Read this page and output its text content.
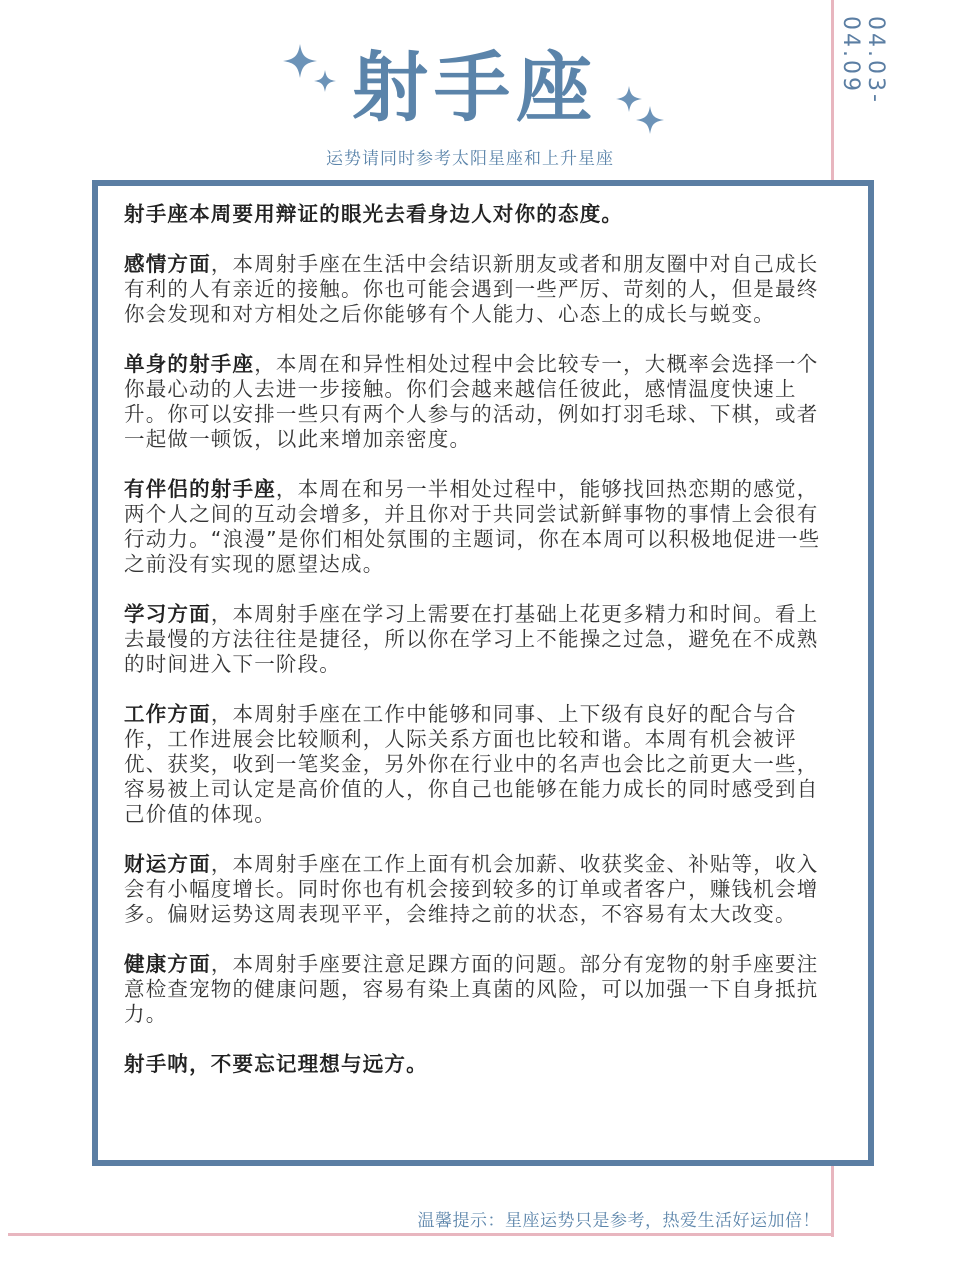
04.03-04.09
射手座
运势请同时参考太阳星座和上升星座

射手座本周要用辩证的眼光去看身边人对你的态度。

感情方面，本周射手座在生活中会结识新朋友或者和朋友圈中对自己成长有利的人有亲近的接触。你也可能会遇到一些严厉、苛刻的人，但是最终你会发现和对方相处之后你能够有个人能力、心态上的成长与蜕变。

单身的射手座，本周在和异性相处过程中会比较专一，大概率会选择一个你最心动的人去进一步接触。你们会越来越信任彼此，感情温度快速上升。你可以安排一些只有两个人参与的活动，例如打羽毛球、下棋，或者一起做一顿饭，以此来增加亲密度。

有伴侣的射手座，本周在和另一半相处过程中，能够找回热恋期的感觉，两个人之间的互动会增多，并且你对于共同尝试新鲜事物的事情上会很有行动力。“浪漫”是你们相处氛围的主题词，你在本周可以积极地促进一些之前没有实现的愿望达成。

学习方面，本周射手座在学习上需要在打基础上花更多精力和时间。看上去最慢的方法往往是捷径，所以你在学习上不能操之过急，避免在不成熟的时间进入下一阶段。

工作方面，本周射手座在工作中能够和同事、上下级有良好的配合与合作，工作进展会比较顺利，人际关系方面也比较和谐。本周有机会被评优、获奖，收到一笔奖金，另外你在行业中的名声也会比之前更大一些，容易被上司认定是高价值的人，你自己也能够在能力成长的同时感受到自己价值的体现。

财运方面，本周射手座在工作上面有机会加薪、收获奖金、补贴等，收入会有小幅度增长。同时你也有机会接到较多的订单或者客户，赚钱机会增多。偏财运势这周表现平平，会维持之前的状态，不容易有太大改变。

健康方面，本周射手座要注意足踝方面的问题。部分有宠物的射手座要注意检查宠物的健康问题，容易有染上真菌的风险，可以加强一下自身抵抗力。

射手呐，不要忘记理想与远方。

温馨提示：星座运势只是参考，热爱生活好运加倍！
